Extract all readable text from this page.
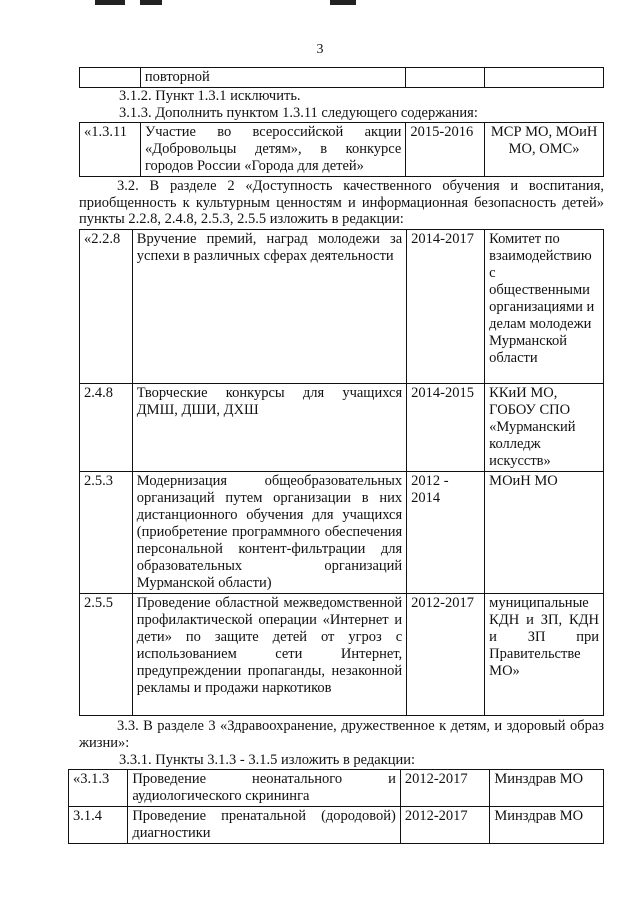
3
	повторной		
3.1.2. Пункт 1.3.1 исключить.
3.1.3. Дополнить пунктом 1.3.11 следующего содержания:
«1.3.11	Участие во всероссийской акции «Добровольцы детям», в конкурсе городов России «Города для детей»	2015-2016	МСР МО, МОиН МО, ОМС»
3.2. В разделе 2 «Доступность качественного обучения и воспитания, приобщенность к культурным ценностям и информационная безопасность детей» пункты 2.2.8, 2.4.8, 2.5.3, 2.5.5 изложить в редакции:
«2.2.8	Вручение премий, наград молодежи за успехи в различных сферах деятельности	2014-2017	Комитет по взаимодействию с общественными организациями и делам молодежи Мурманской области
2.4.8	Творческие конкурсы для учащихся ДМШ, ДШИ, ДХШ	2014-2015	ККиИ МО, ГОБОУ СПО «Мурманский колледж искусств»
2.5.3	Модернизация общеобразовательных организаций путем организации в них дистанционного обучения для учащихся (приобретение программного обеспечения персональной контент-фильтрации для образовательных организаций Мурманской области)	2012 - 2014	МОиН МО
2.5.5	Проведение областной межведомственной профилактической операции «Интернет и дети» по защите детей от угроз с использованием сети Интернет, предупреждении пропаганды, незаконной рекламы и продажи наркотиков	2012-2017	муниципальные КДН и ЗП, КДН и ЗП при Правительстве МО»
3.3. В разделе 3 «Здравоохранение, дружественное к детям, и здоровый образ жизни»:
3.3.1. Пункты 3.1.3 - 3.1.5 изложить в редакции:
«3.1.3	Проведение неонатального и аудиологического скрининга	2012-2017	Минздрав МО
3.1.4	Проведение пренатальной (дородовой) диагностики	2012-2017	Минздрав МО
